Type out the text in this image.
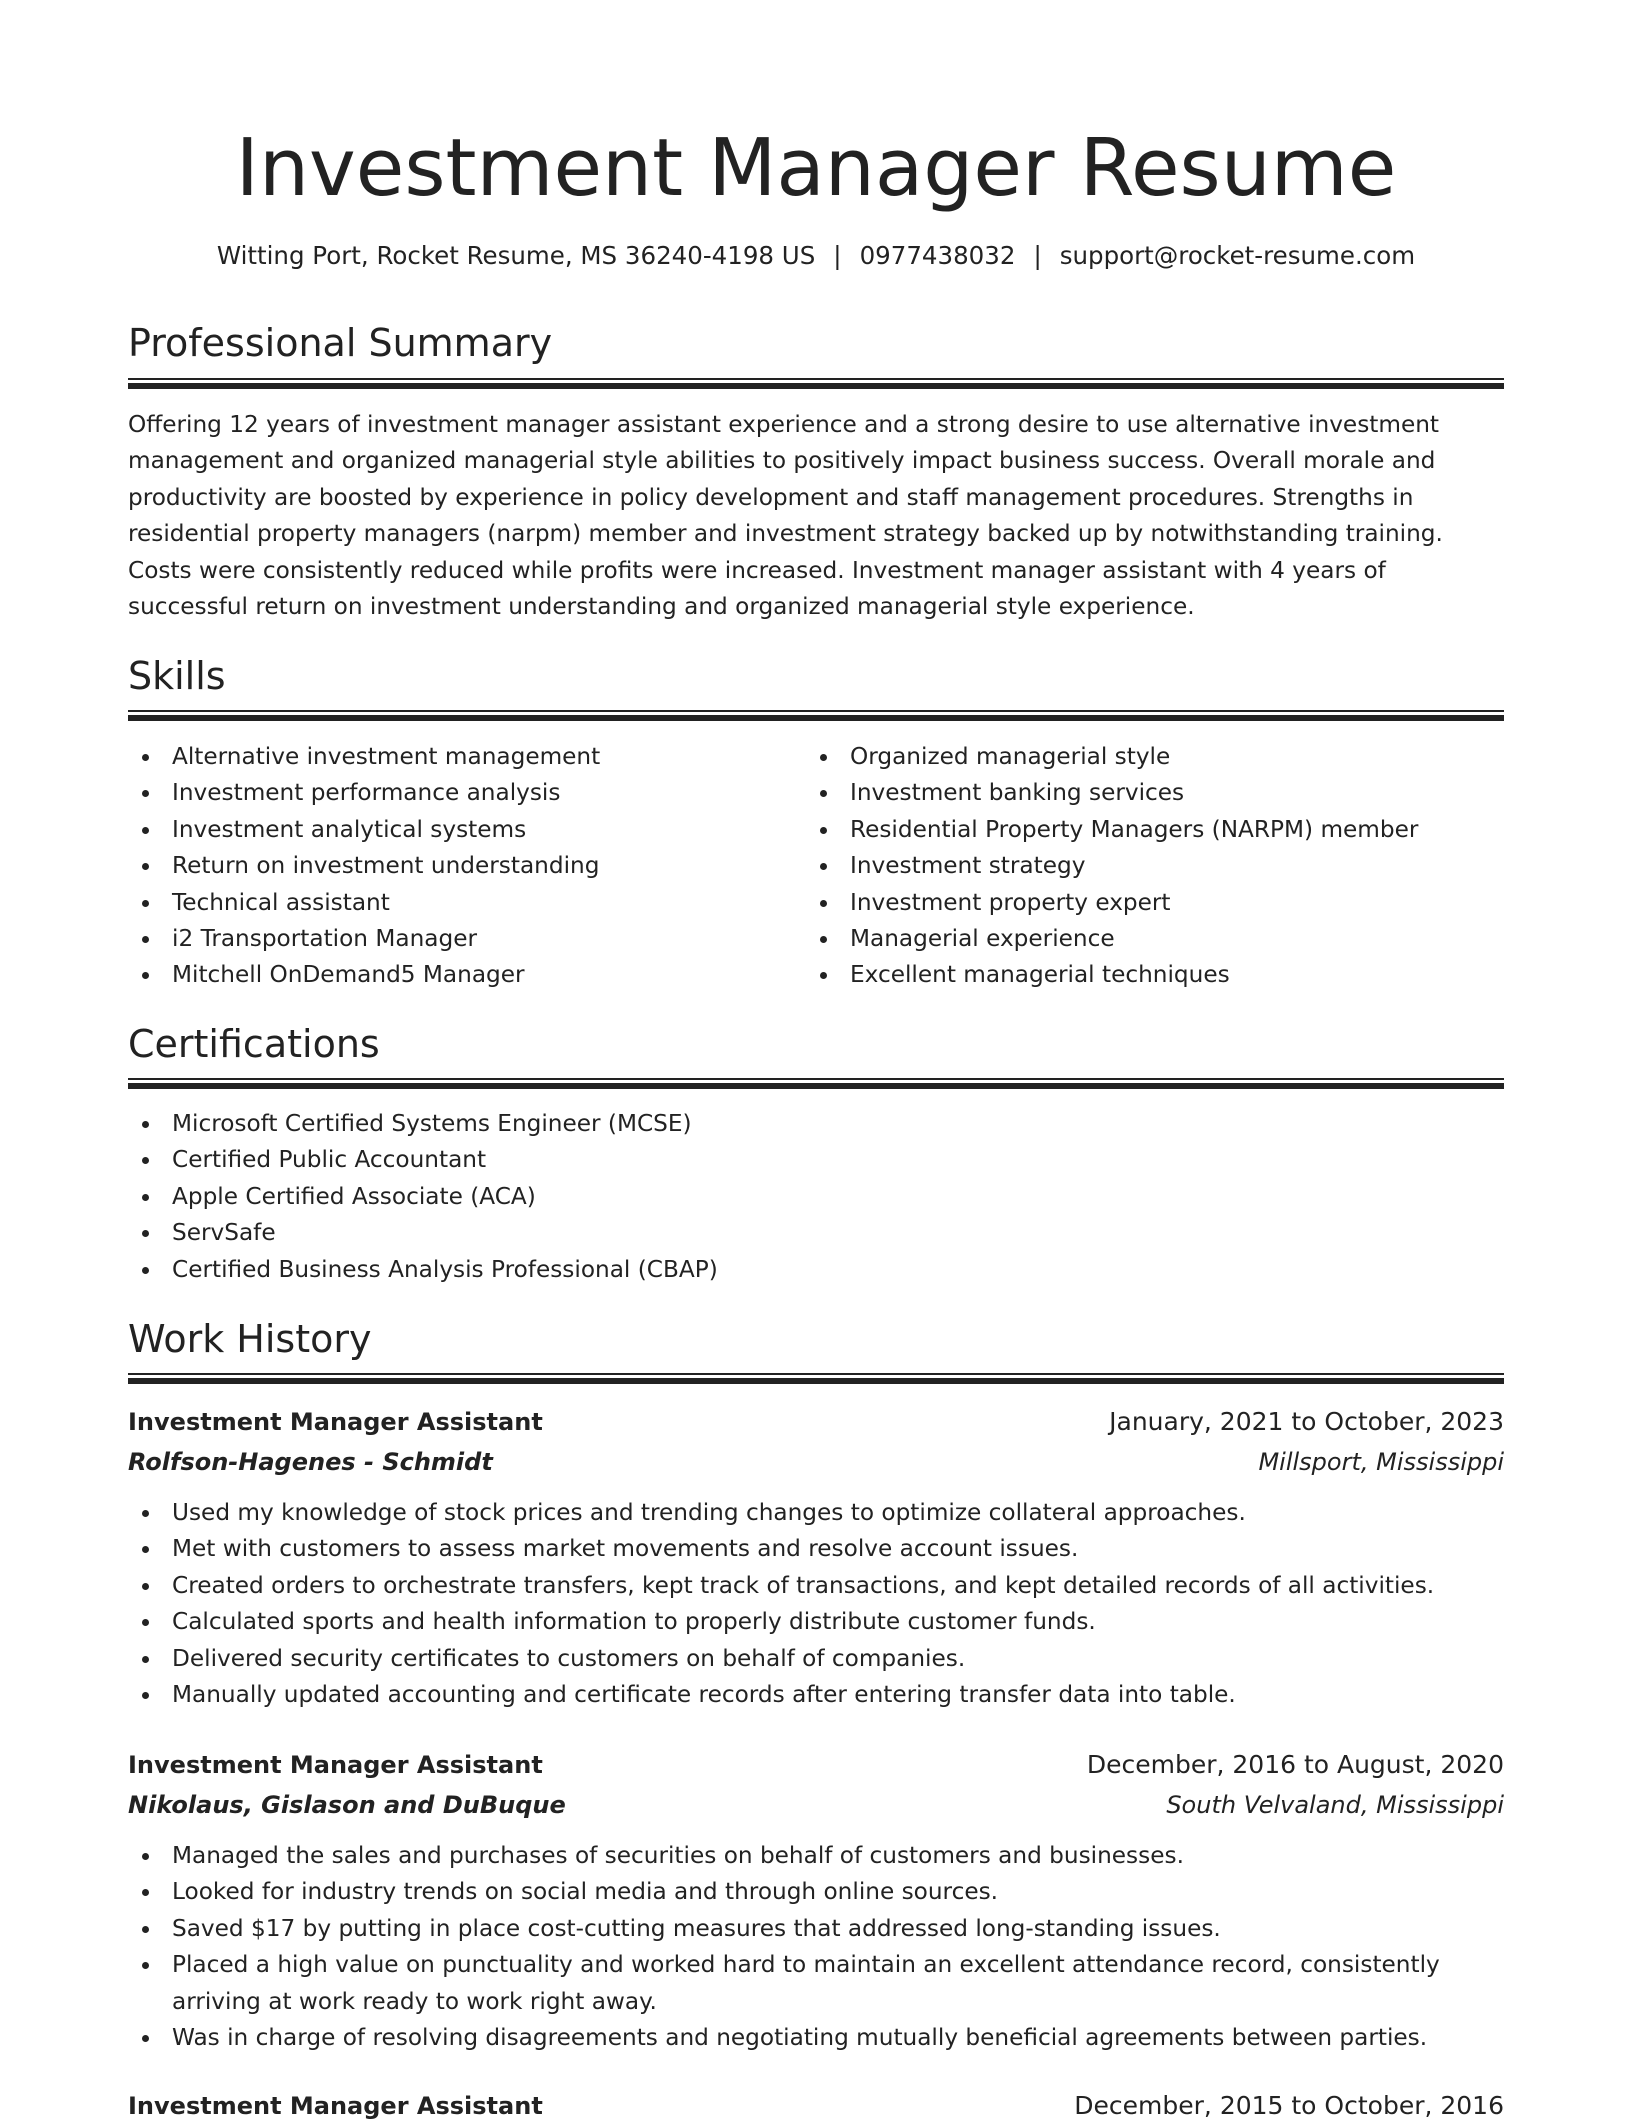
Investment Manager Resume
Witting Port, Rocket Resume, MS 36240-4198 US | 0977438032 | support@rocket-resume.com
Professional Summary
Offering 12 years of investment manager assistant experience and a strong desire to use alternative investment management and organized managerial style abilities to positively impact business success. Overall morale and productivity are boosted by experience in policy development and staff management procedures. Strengths in residential property managers (narpm) member and investment strategy backed up by notwithstanding training. Costs were consistently reduced while profits were increased. Investment manager assistant with 4 years of successful return on investment understanding and organized managerial style experience.
Skills
Alternative investment management
Investment performance analysis
Investment analytical systems
Return on investment understanding
Technical assistant
i2 Transportation Manager
Mitchell OnDemand5 Manager
Organized managerial style
Investment banking services
Residential Property Managers (NARPM) member
Investment strategy
Investment property expert
Managerial experience
Excellent managerial techniques
Certifications
Microsoft Certified Systems Engineer (MCSE)
Certified Public Accountant
Apple Certified Associate (ACA)
ServSafe
Certified Business Analysis Professional (CBAP)
Work History
Investment Manager Assistant	January, 2021 to October, 2023
Rolfson-Hagenes - Schmidt	Millsport, Mississippi
Used my knowledge of stock prices and trending changes to optimize collateral approaches.
Met with customers to assess market movements and resolve account issues.
Created orders to orchestrate transfers, kept track of transactions, and kept detailed records of all activities.
Calculated sports and health information to properly distribute customer funds.
Delivered security certificates to customers on behalf of companies.
Manually updated accounting and certificate records after entering transfer data into table.
Investment Manager Assistant	December, 2016 to August, 2020
Nikolaus, Gislason and DuBuque	South Velvaland, Mississippi
Managed the sales and purchases of securities on behalf of customers and businesses.
Looked for industry trends on social media and through online sources.
Saved $17 by putting in place cost-cutting measures that addressed long-standing issues.
Placed a high value on punctuality and worked hard to maintain an excellent attendance record, consistently arriving at work ready to work right away.
Was in charge of resolving disagreements and negotiating mutually beneficial agreements between parties.
Investment Manager Assistant	December, 2015 to October, 2016
